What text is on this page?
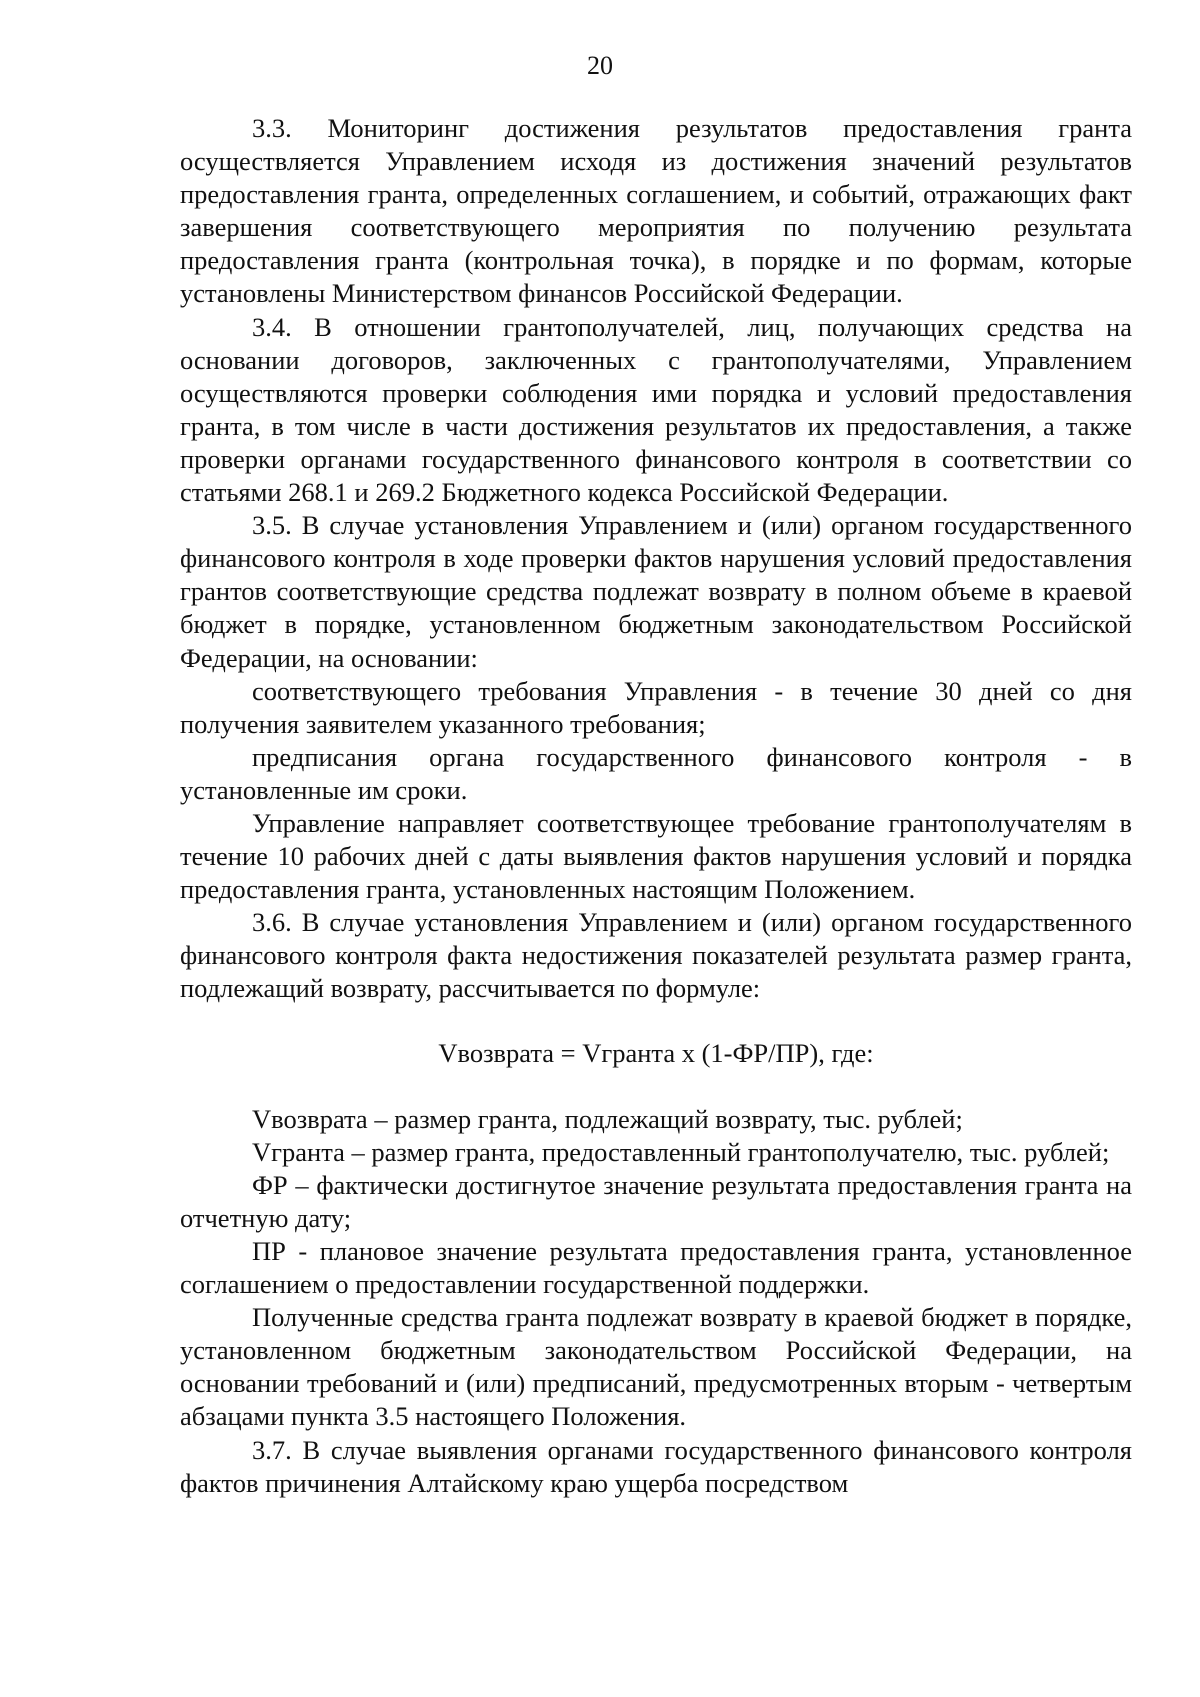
20

3.3. Мониторинг достижения результатов предоставления гранта осуществляется Управлением исходя из достижения значений результатов предоставления гранта, определенных соглашением, и событий, отражающих факт завершения соответствующего мероприятия по получению результата предоставления гранта (контрольная точка), в порядке и по формам, которые установлены Министерством финансов Российской Федерации.

3.4. В отношении грантополучателей, лиц, получающих средства на основании договоров, заключенных с грантополучателями, Управлением осуществляются проверки соблюдения ими порядка и условий предоставления гранта, в том числе в части достижения результатов их предоставления, а также проверки органами государственного финансового контроля в соответствии со статьями 268.1 и 269.2 Бюджетного кодекса Российской Федерации.

3.5. В случае установления Управлением и (или) органом государственного финансового контроля в ходе проверки фактов нарушения условий предоставления грантов соответствующие средства подлежат возврату в полном объеме в краевой бюджет в порядке, установленном бюджетным законодательством Российской Федерации, на основании:

соответствующего требования Управления - в течение 30 дней со дня получения заявителем указанного требования;

предписания органа государственного финансового контроля - в установленные им сроки.

Управление направляет соответствующее требование грантополучателям в течение 10 рабочих дней с даты выявления фактов нарушения условий и порядка предоставления гранта, установленных настоящим Положением.

3.6. В случае установления Управлением и (или) органом государственного финансового контроля факта недостижения показателей результата размер гранта, подлежащий возврату, рассчитывается по формуле:

Vвозврата = Vгранта x (1-ФР/ПР), где:

Vвозврата – размер гранта, подлежащий возврату, тыс. рублей;

Vгранта – размер гранта, предоставленный грантополучателю, тыс. рублей;

ФР – фактически достигнутое значение результата предоставления гранта на отчетную дату;

ПР - плановое значение результата предоставления гранта, установленное соглашением о предоставлении государственной поддержки.

Полученные средства гранта подлежат возврату в краевой бюджет в порядке, установленном бюджетным законодательством Российской Федерации, на основании требований и (или) предписаний, предусмотренных вторым - четвертым абзацами пункта 3.5 настоящего Положения.

3.7. В случае выявления органами государственного финансового контроля фактов причинения Алтайскому краю ущерба посредством
